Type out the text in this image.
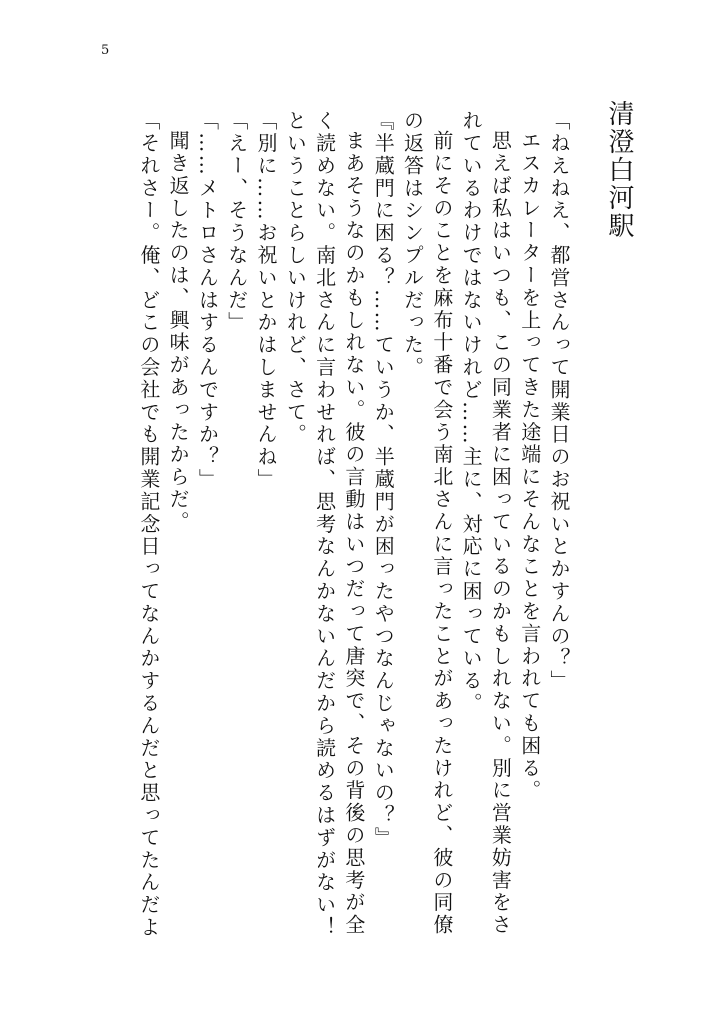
5
清澄白河駅

「ねえねえ、都営さんって開業日のお祝いとかすんの？」

エスカレーターを上ってきた途端にそんなことを言われても困る。

思えば私はいつも、この同業者に困っているのかもしれない。別に営業妨害をさ

れているわけではないけれど……主に、対応に困っている。

前にそのことを麻布十番で会う南北さんに言ったことがあったけれど、彼の同僚

の返答はシンプルだった。

『半蔵門に困る？……ていうか、半蔵門が困ったやつなんじゃないの？』

まあそうなのかもしれない。彼の言動はいつだって唐突で、その背後の思考が全

く読めない。南北さんに言わせれば、思考なんかないんだから読めるはずがない！

ということらしいけれど、さて。

「別に……お祝いとかはしませんね」

「えー、そうなんだ」

「……メトロさんはするんですか？」

聞き返したのは、興味があったからだ。

「それさー。俺、どこの会社でも開業記念日ってなんかするんだと思ってたんだよ
